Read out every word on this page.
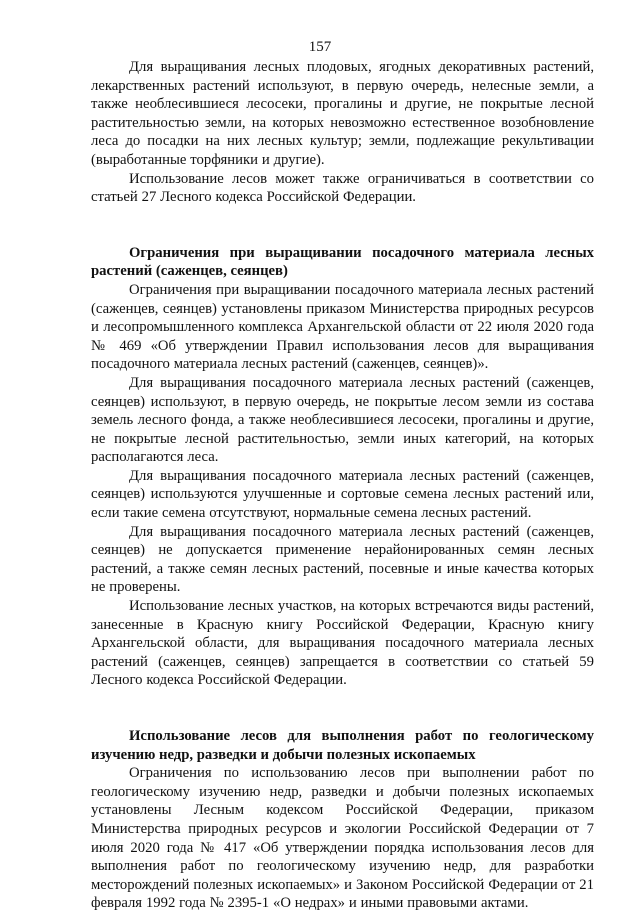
157

Для выращивания лесных плодовых, ягодных декоративных растений, лекарственных растений используют, в первую очередь, нелесные земли, а также необлесившиеся лесосеки, прогалины и другие, не покрытые лесной растительностью земли, на которых невозможно естественное возобновление леса до посадки на них лесных культур; земли, подлежащие рекультивации (выработанные торфяники и другие).

Использование лесов может также ограничиваться в соответствии со статьей 27 Лесного кодекса Российской Федерации.

Ограничения при выращивании посадочного материала лесных растений (саженцев, сеянцев)

Ограничения при выращивании посадочного материала лесных растений (саженцев, сеянцев) установлены приказом Министерства природных ресурсов и лесопромышленного комплекса Архангельской области от 22 июля 2020 года № 469 «Об утверждении Правил использования лесов для выращивания посадочного материала лесных растений (саженцев, сеянцев)».

Для выращивания посадочного материала лесных растений (саженцев, сеянцев) используют, в первую очередь, не покрытые лесом земли из состава земель лесного фонда, а также необлесившиеся лесосеки, прогалины и другие, не покрытые лесной растительностью, земли иных категорий, на которых располагаются леса.

Для выращивания посадочного материала лесных растений (саженцев, сеянцев) используются улучшенные и сортовые семена лесных растений или, если такие семена отсутствуют, нормальные семена лесных растений.

Для выращивания посадочного материала лесных растений (саженцев, сеянцев) не допускается применение нерайонированных семян лесных растений, а также семян лесных растений, посевные и иные качества которых не проверены.

Использование лесных участков, на которых встречаются виды растений, занесенные в Красную книгу Российской Федерации, Красную книгу Архангельской области, для выращивания посадочного материала лесных растений (саженцев, сеянцев) запрещается в соответствии со статьей 59 Лесного кодекса Российской Федерации.

Использование лесов для выполнения работ по геологическому изучению недр, разведки и добычи полезных ископаемых

Ограничения по использованию лесов при выполнении работ по геологическому изучению недр, разведки и добычи полезных ископаемых установлены Лесным кодексом Российской Федерации, приказом Министерства природных ресурсов и экологии Российской Федерации от 7 июля 2020 года № 417 «Об утверждении порядка использования лесов для выполнения работ по геологическому изучению недр, для разработки месторождений полезных ископаемых» и Законом Российской Федерации от 21 февраля 1992 года № 2395-1 «О недрах» и иными правовыми актами.
